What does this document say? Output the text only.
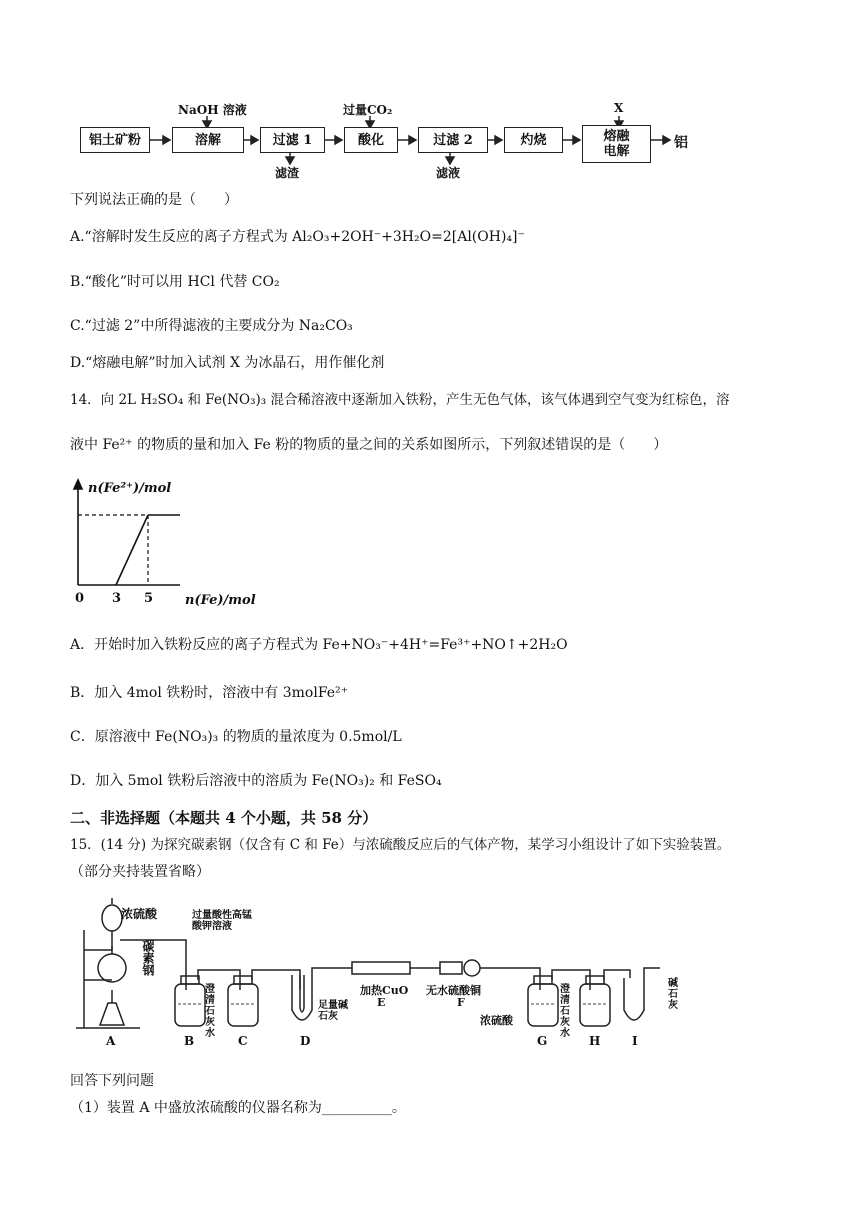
铝土矿粉	溶解	过滤 1	酸化	过滤 2	灼烧	熔融
电解
铝
NaOH 溶液	过量CO₂	X
滤渣	滤液
下列说法正确的是（　　）
A.“溶解时发生反应的离子方程式为 Al₂O₃+2OH⁻+3H₂O=2[Al(OH)₄]⁻
B.“酸化”时可以用 HCl 代替 CO₂
C.“过滤 2”中所得滤液的主要成分为 Na₂CO₃
D.“熔融电解”时加入试剂 X 为冰晶石，用作催化剂
14．向 2L H₂SO₄ 和 Fe(NO₃)₃ 混合稀溶液中逐渐加入铁粉，产生无色气体，该气体遇到空气变为红棕色，溶
液中 Fe²⁺ 的物质的量和加入 Fe 粉的物质的量之间的关系如图所示，下列叙述错误的是（　　）
n(Fe²⁺)/mol
n(Fe)/mol
0 3 5
A．开始时加入铁粉反应的离子方程式为 Fe+NO₃⁻+4H⁺=Fe³⁺+NO↑+2H₂O
B．加入 4mol 铁粉时，溶液中有 3molFe²⁺
C．原溶液中 Fe(NO₃)₃ 的物质的量浓度为 0.5mol/L
D．加入 5mol 铁粉后溶液中的溶质为 Fe(NO₃)₂ 和 FeSO₄
二、非选择题（本题共 4 个小题，共 58 分）
15．(14 分) 为探究碳素钢（仅含有 C 和 Fe）与浓硫酸反应后的气体产物，某学习小组设计了如下实验装置。
（部分夹持装置省略）
浓硫酸
碳素钢
过量酸性高锰酸钾溶液
澄清石灰水
足量碱石灰
加热CuO 无水硫酸铜
浓硫酸
澄清石灰水
碱石灰
A	B	C	D
E	F
G	H	I
回答下列问题
（1）装置 A 中盛放浓硫酸的仪器名称为__________。
